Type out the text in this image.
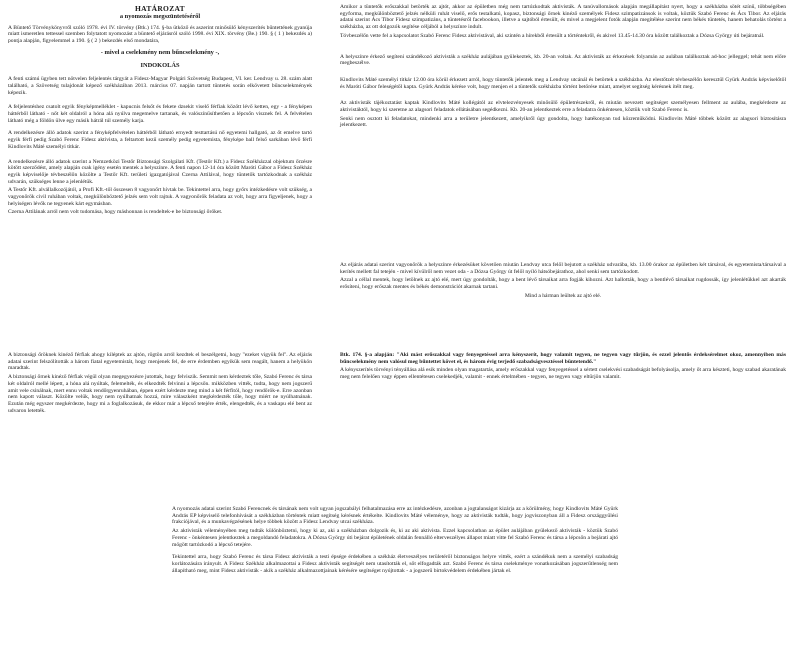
HATÁROZAT
a nyomozás megszüntetéséről

A Büntető Törvénykönyvről szóló 1978. évi IV. törvény (Btk.) 174. §-ba ütköző és aszerint minősülő kényszerítés bűntettének gyanúja miatt ismeretlen tettessel szemben folytatott nyomozást a büntető eljárásról szóló 1998. évi XIX. törvény (Be.) 190. § ( 1 ) bekezdés a) pontja alapján, figyelemmel a 190. § ( 2 ) bekezdés első mondatára,

- mivel a cselekmény nem bűncselekmény -,
INDOKOLÁS

A fenti számú ügyben tett nötvelen feljelentés tárgyát a Fidesz-Magyar Polgári Szövetség Budapest, VI. ker. Lendvay u. 28. szám alatt található, a Szövetség tulajdonát képező székházában 2013. március 07. napján tartott tüntetés során elkövetett bűncselekmények képezik.

A feljelentéshez csatolt egyik fényképmelléklet - kapucnis felsőt és fekete dzsekit viselő férfiak között lévő ketten, egy - a fényképen háttérből látható - nőt két oldalról a hóna alá nyúlva megemelve tartanak, és valószínűsíthetően a lépcsőn visznek fel. A felvételen látható még a földön ülve egy másik hátrál túl személy karja.

A rendelkezésre álló adatok szerint a fényképfelvételen háttérből látható ernyedt testtartású nő egyetemi hallgató, az őt emelve tartó egyik férfi pedig Szabó Ferenc Fidesz aktivista, a feltartott kezű személy pedig egyetemista, fényképe ball felső sarkában lévő férfi Kindlovits Máté személyi titkár.

A rendelkezésre álló adatok szerint a Nemzetközi Testőr Biztonsági Szolgálati Kft. (Testőr Kft.) a Fidesz Székházzal objektum őrzésre kötött szerződést, amely alapján csak igény esetén mentek a helyszínre. A fenti napon 12-14 óra között Maróti Gábor a Fidesz Székház egyik képviselője tévbeszélőn közölte a Testőr Kft. területi igazgatójával Czerna Attilával, hogy tüntetők tartózkodnak a székház udvarán, szükséges lenne a jelenlétük.

A Testőr Kft. alvállalkozójától, a Profi Kft.-től összesen 8 vagyonőrt hívtak be. Tekintettel arra, hogy győrs intézkedésre volt szükség, a vagyonőrök civil ruhában voltak, megkülönböztető jelzés sem volt rajtuk. A vagyonőrök feladata az volt, hogy arra figyeljenek, hogy a helyiségen lévők ne tegyenek kárt egymásban.

Czerna Attilának arról nem volt tudomása, hogy máshonnan is rendeltek-e be biztonsági őröket.

Amikor a tüntetők erőszakkal betörték az ajtót, akkor az épületben még nem tartózkodtak aktivisták. A tanúvallomások alapján megállapítást nyert, hogy a székházba sötét színű, többségében egyforma, megkülönböztető jelzés nélküli ruhát viselő, erős testalkatú, kopasz, biztonsági őrnek kinéző személyek Fidesz szimpatizánsok is voltak, köztük Szabó Ferenc és Ács Tibor. Az eljárás adatai szerint Ács Tibor Fidesz szimpatizáns, a tüntetésről facebookon, illetve a sajtóból értesült, és mivel a megjelent fotók alapján megítélése szerint nem békés tüntetés, hanem behatolás történt a székházba, az ott dolgozók segítése céljából a helyszínre indult.

Tóvbeszélőn vette fel a kapcsolatot Szabó Ferenc Fidesz aktivistával, aki szintén a hírekből értesült a történtekről, és akivel 13.45-14.30 óra között találkoztak a Dózsa György úti bejáratnál.

A helyszínre érkező segíteni szándékozó aktivisták a székház aulájában gyülekeztek, kb. 20-an voltak. Az aktivisták az érkezések folyamán az aulában találkoztak ad-hoc jelleggel; tehát nem előre megbeszélve.

Kindlovits Máté személyi titkár 12.00 óra körül érkezett arról, hogy tüntetők jelentek meg a Lendvay utcánál és betörtek a székházba. Az elestőtzét tévbeszélőn keresztül Gyürk András képviselőtől és Maróti Gábor feleségétől kapta. Gyürk András kérése volt, hogy menjen el a tüntetők székházba történt betörése miatt, amelyet segítség kérésnek ítélt meg.

Az aktivisták tájékoztatást kaptak Kindlovits Máté kollégától az elvtelezvényesek minősülő épületrészekről, és miután nevezett segítséget személyesen fellment az aulába, megkérdezte az aktivistáktól, hogy ki szeretne az alagsori feladatok ellátásában segédkezni. Kb. 20-an jelentkeztek erre a feladatra önkéntesen, köztük volt Szabó Ferenc is.

Senki nem osztott ki feladatokat, mindenki arra a területre jelentkezett, amelyikről úgy gondolta, hogy hatékonyan tud közreműködni. Kindlovits Máté többek között az alagsori biztosításra jelentkezett.

Az eljárás adatai szerint vagyonőrök a helyszínre érkezésüket követően miután Lendvay utca felől bejutott a székház udvarába, kb. 13.00 órakor az épületben két társával, és egyetemista/társaival a kerítés mellett fal tetején - mivel kívülről nem vezet oda - a Dózsa György út felől nyíló hátsóbejárathoz, ahol senki sem tartózkodott.

Azzal a céllal mentek, hogy letölnek az ajtó elé, mert úgy gondolták, hogy a bent lévő társaikat arra fogják kihozni. Azt hallották, hogy a bentlévő társaikat rugdossák, így jelenlétükkel azt akarták erősíteni, hogy erőszak mentes és békés demonstrációt akarnak tartani.

Mind a hárman leültek az ajtó elé.

A biztonsági őröknek kinéző férfiak ahogy kiléptek az ajtón, rögtön arról kezdtek el beszélgetni, hogy "ezeket vigyük fel". Az eljárás adatai szerint felszólították a három fiatal egyetemistát, hogy menjenek fel, de erre érdemben egyikük sem reagált, hanem a helyükön maradtak.

A biztonsági őrnek kinéző férfiak végül olyan megegyezésre jutottak, hogy felviszik. Semmit nem kérdeztek tőle, Szabó Ferenc és társa két oldalról mellé lépett, a hóna alá nyúltak, felemelték, és elkezdték felvinni a lépcsőn. mikközben vitték, tudta, hogy nem jogszerű amit vele csinálnak, mert ennu voltak rendőrgyenruhában, éppen ezért kérdezte meg mind a két férfitól, hogy rendőrök-e. Erre azonban nem kapott választ. Közölte velük, hogy nem nyúlhatnak hozzá, mire válaszként megkérdezték tőle, hogy miért ne nyúlhatnának. Ezután még egyszer megkérdezte, hogy mi a foglalkozásuk, de ekkor már a lépcső tetejére érték, elengedték, és a vaskapu elé bent az udvaron letették.

Btk. 174. §-a alapján: "Aki mást erőszakkal vagy fenyegetéssel arra kényszerít, hogy valamit tegyen, ne tegyen vagy tűrjön, és ezzel jelentős érdeksérelmet okoz, amennyiben más bűncselekmény nem valósul meg bűntettet követ el, és három évig terjedő szabadságvesztéssel büntetendő."

A kényszerítés törvényi tényállása alá esik minden olyan magatartás, amely erőszakkal vagy fenyegetéssel a sértett cselekvési szabadságát befolyásolja, amely őt arra készteti, hogy szabad akaratának meg nem felelően vagy éppen ellentétesen cselekedjék, valamit - ennek értelmében - tegyen, ne tegyen vagy eltűrjön valamit.

A nyomozás adatai szerint Szabó Ferencnek és társának nem volt ugyan jogszabályi felhatalmazása erre az intézkedésre, azonban a jogtalanságot kizárja az a körülmény, hogy Kindlovits Máté Gyürk András EP képviselő telefonhívását a székházban történtek miatt segítség kérésnek értékelte. Kindlovits Máté véleménye, hogy az aktivisták tudták, hogy jogviszonyban áll a Fidesz országgyűlési frakciójával, és a munkavégzésének helye többek között a Fidesz Lendvay utcai székháza.

Az aktivisták véleményében meg tudták különböztetni, hogy ki az, aki a székházban dolgozik és, ki az aki aktivista. Ezzel kapcsolatban az épület aulájában gyülekező aktivisták - köztük Szabó Ferenc - önkéntesen jelentkeztek a megoldandó feladatokra. A Dózsa György úti bejárat épületének oldalán fennálló elterveszélyes állapot miatt vitte fel Szabó Ferenc és társa a lépcsőn a bejárati ajtó mögött tartózkodó a lépcső tetejére.

Tekintettel arra, hogy Szabó Ferenc és társa Fidesz aktivisták a testi épsége érdekében a székház életveszélyes területéről biztonságos helyre vitték, ezért a szándékuk nem a személyi szabadság korlátozására irányult. A Fidesz Székház alkalmazottai a Fidesz aktivisták segítségét nem utasították el, sőt elfogadták azt. Szabó Ferenc és társa cselekménye vonatkozásában jogszerűtlenség nem állapítható meg, mint Fidesz aktivisták - akik a székház alkalmazottjainak kérésére segítséget nyújtottak - a jogszerű birtokvédelem érdekében jártak el.
